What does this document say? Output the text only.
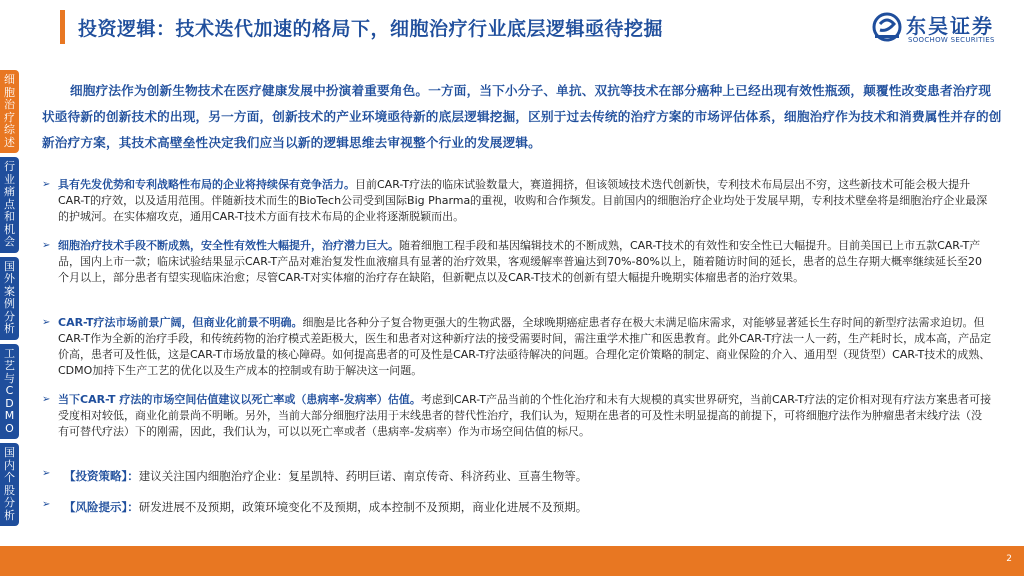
投资逻辑：技术迭代加速的格局下，细胞治疗行业底层逻辑亟待挖掘	东吴证券
SOOCHOW SECURITIES
细
胞
治
疗
综
述
行
业
痛
点
和
机
会
国
外
案
例
分
析
工
艺
与
C
D
M
O
国
内
个
股
分
析
细胞疗法作为创新生物技术在医疗健康发展中扮演着重要角色。一方面，当下小分子、单抗、双抗等技术在部分癌种上已经出现有效性瓶颈，颠覆性改变患者治疗现状亟待新的创新技术的出现，另一方面，创新技术的产业环境亟待新的底层逻辑挖掘，区别于过去传统的治疗方案的市场评估体系，细胞治疗作为技术和消费属性并存的创新治疗方案，其技术高壁垒性决定我们应当以新的逻辑思维去审视整个行业的发展逻辑。
➢ 具有先发优势和专利战略性布局的企业将持续保有竞争活力。目前CAR-T疗法的临床试验数量大，赛道拥挤，但该领域技术迭代创新快，专利技术布局层出不穷，这些新技术可能会极大提升CAR-T的疗效，以及适用范围。伴随新技术而生的BioTech公司受到国际Big Pharma的重视，收购和合作频发。目前国内的细胞治疗企业均处于发展早期，专利技术壁垒将是细胞治疗企业最深的护城河。在实体瘤攻克，通用CAR-T技术方面有技术布局的企业将逐渐脱颖而出。
➢ 细胞治疗技术手段不断成熟，安全性有效性大幅提升，治疗潜力巨大。随着细胞工程手段和基因编辑技术的不断成熟，CAR-T技术的有效性和安全性已大幅提升。目前美国已上市五款CAR-T产品，国内上市一款；临床试验结果显示CAR-T产品对难治复发性血液瘤具有显著的治疗效果，客观缓解率普遍达到70%-80%以上，随着随访时间的延长，患者的总生存期大概率继续延长至20个月以上，部分患者有望实现临床治愈；尽管CAR-T对实体瘤的治疗存在缺陷，但新靶点以及CAR-T技术的创新有望大幅提升晚期实体瘤患者的治疗效果。
➢ CAR-T疗法市场前景广阔，但商业化前景不明确。细胞是比各种分子复合物更强大的生物武器，全球晚期癌症患者存在极大未满足临床需求，对能够显著延长生存时间的新型疗法需求迫切。但CAR-T作为全新的治疗手段，和传统药物的治疗模式差距极大，医生和患者对这种新疗法的接受需要时间，需注重学术推广和医患教育。此外CAR-T疗法一人一药，生产耗时长，成本高，产品定价高，患者可及性低，这是CAR-T市场放量的核心障碍。如何提高患者的可及性是CAR-T疗法亟待解决的问题。合理化定价策略的制定、商业保险的介入、通用型（现货型）CAR-T技术的成熟、CDMO加持下生产工艺的优化以及生产成本的控制或有助于解决这一问题。
➢ 当下CAR-T 疗法的市场空间估值建议以死亡率或（患病率-发病率）估值。考虑到CAR-T产品当前的个性化治疗和未有大规模的真实世界研究，当前CAR-T疗法的定价相对现有疗法方案患者可接受度相对较低，商业化前景尚不明晰。另外，当前大部分细胞疗法用于末线患者的替代性治疗，我们认为，短期在患者的可及性未明显提高的前提下，可将细胞疗法作为肿瘤患者末线疗法（没有可替代疗法）下的刚需，因此，我们认为，可以以死亡率或者（患病率-发病率）作为市场空间估值的标尺。
➢ 【投资策略】：建议关注国内细胞治疗企业：复星凯特、药明巨诺、南京传奇、科济药业、亘喜生物等。
➢ 【风险提示】：研发进展不及预期，政策环境变化不及预期，成本控制不及预期，商业化进展不及预期。
2
